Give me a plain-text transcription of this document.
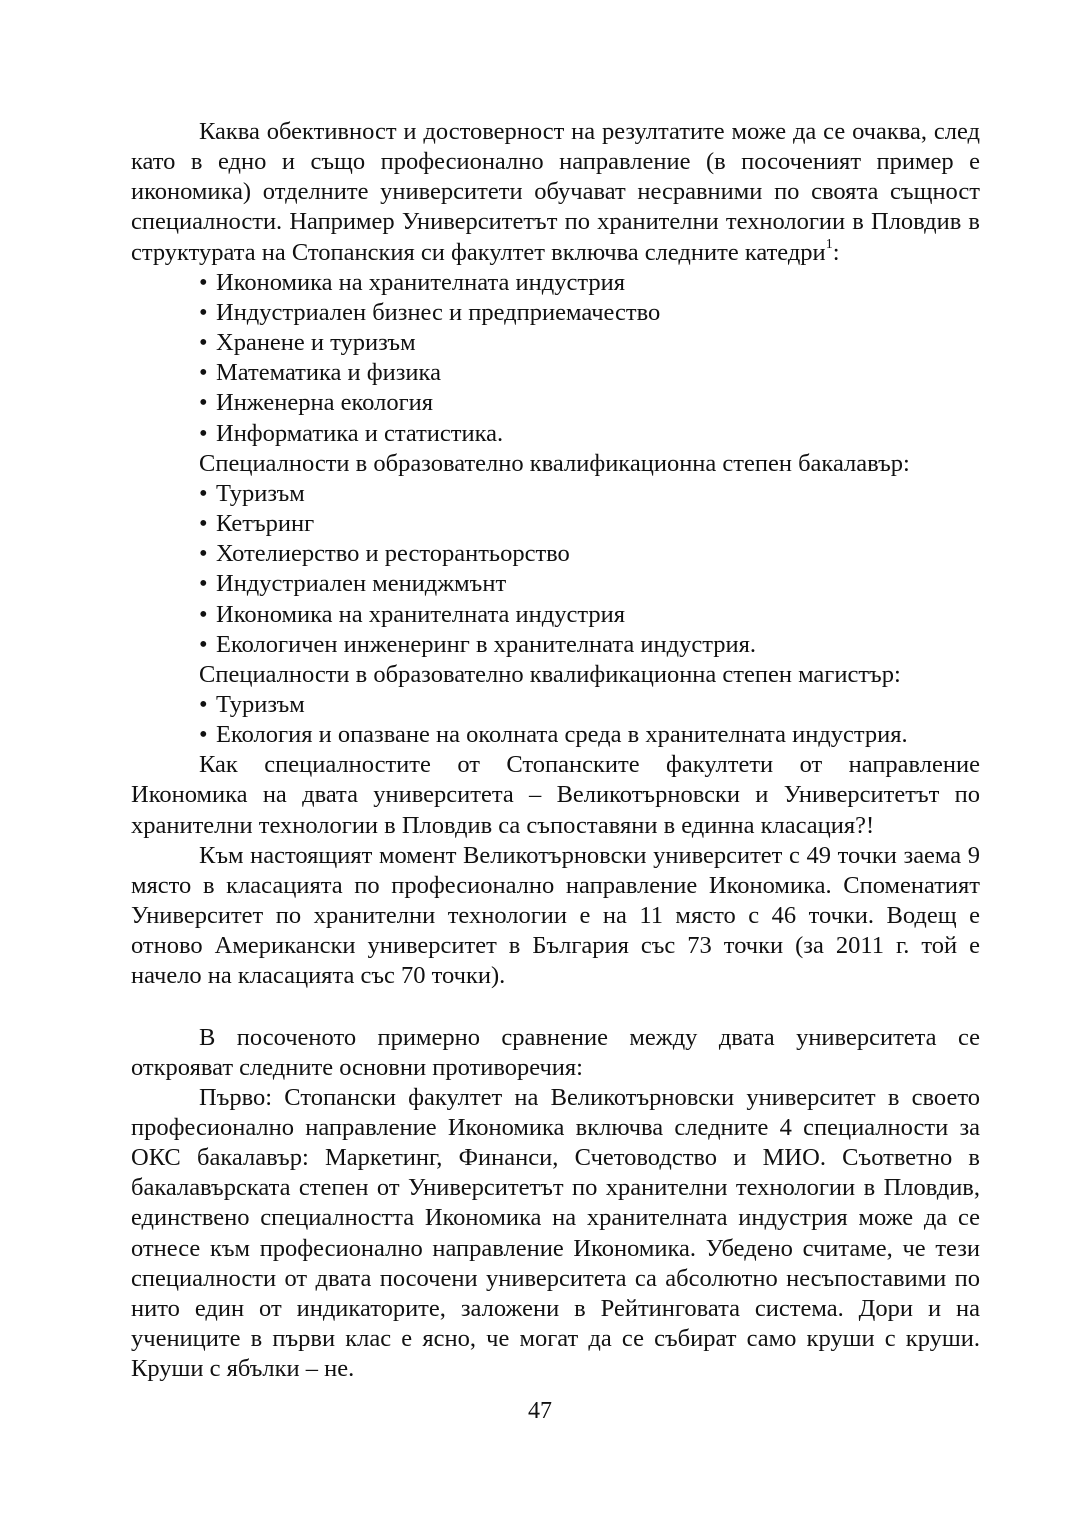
Каква обективност и достоверност на резултатите може да се очаква, след като в едно и също професионално направление (в посоченият пример е икономика) отделните университети обучават несравними по своята същност специалности. Например Университетът по хранителни технологии в Пловдив в структурата на Стопанския си факултет включва следните катедри$^1$:

• Икономика на хранителната индустрия
• Индустриален бизнес и предприемачество
• Хранене и туризъм
• Математика и физика
• Инженерна екология
• Информатика и статистика.

Специалности в образователно квалификационна степен бакалавър:

• Туризъм
• Кетъринг
• Хотелиерство и ресторантьорство
• Индустриален мениджмънт
• Икономика на хранителната индустрия
• Екологичен инженеринг в хранителната индустрия.

Специалности в образователно квалификационна степен магистър:

• Туризъм
• Екология и опазване на околната среда в хранителната индустрия.

Как специалностите от Стопанските факултети от направление Икономика на двата университета – Великотърновски и Университетът по хранителни технологии в Пловдив са съпоставяни в единна класация?!

Към настоящият момент Великотърновски университет с 49 точки заема 9 място в класацията по професионално направление Икономика. Споменатият Университет по хранителни технологии е на 11 място с 46 точки. Водещ е отново Американски университет в България със 73 точки (за 2011 г. той е начело на класацията със 70 точки).

В посоченото примерно сравнение между двата университета се открояват следните основни противоречия:

Първо: Стопански факултет на Великотърновски университет в своето професионално направление Икономика включва следните 4 специалности за ОКС бакалавър: Маркетинг, Финанси, Счетоводство и МИО. Съответно в бакалавърската степен от Университетът по хранителни технологии в Пловдив, единствено специалността Икономика на хранителната индустрия може да се отнесе към професионално направление Икономика. Убедено считаме, че тези специалности от двата посочени университета са абсолютно несъпоставими по нито един от индикаторите, заложени в Рейтинговата система. Дори и на учениците в първи клас е ясно, че могат да се събират само круши с круши. Круши с ябълки – не.

47
